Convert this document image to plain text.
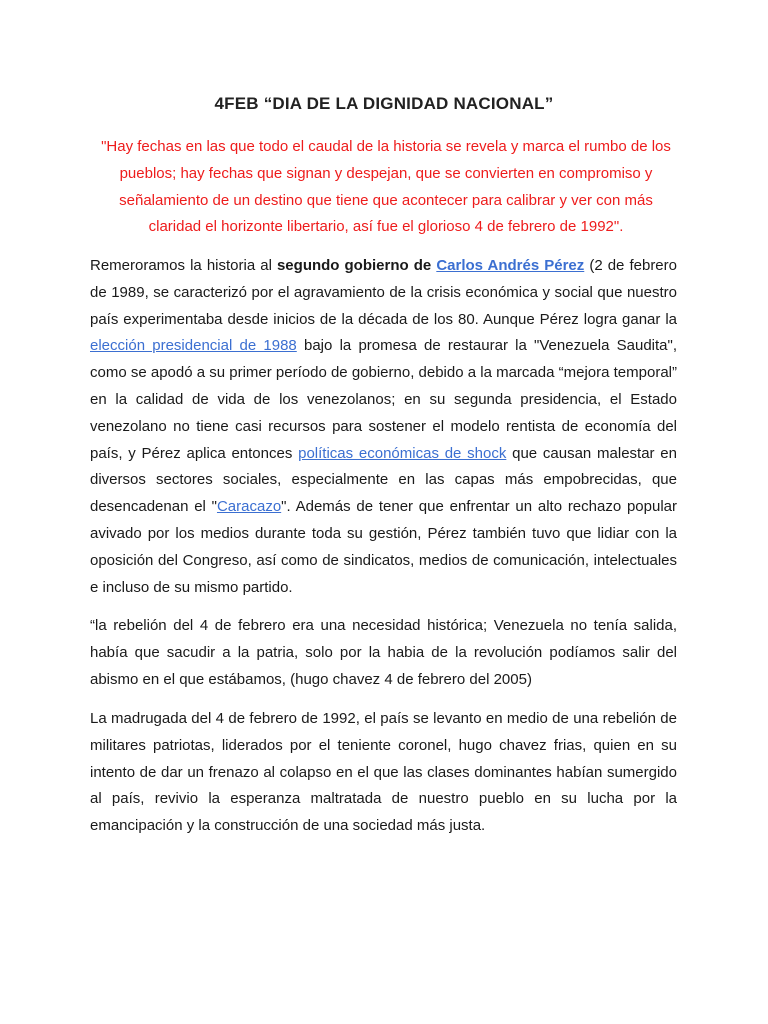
4FEB “DIA DE LA DIGNIDAD NACIONAL”
"Hay fechas en las que todo el caudal de la historia se revela y marca el rumbo de los pueblos; hay fechas que signan y despejan, que se convierten en compromiso y señalamiento de un destino que tiene que acontecer para calibrar y ver con más claridad el horizonte libertario, así fue el glorioso 4 de febrero de 1992".
Remeroramos la historia al segundo gobierno de Carlos Andrés Pérez (2 de febrero de 1989, se caracterizó por el agravamiento de la crisis económica y social que nuestro país experimentaba desde inicios de la década de los 80. Aunque Pérez logra ganar la elección presidencial de 1988 bajo la promesa de restaurar la "Venezuela Saudita", como se apodó a su primer período de gobierno, debido a la marcada “mejora temporal” en la calidad de vida de los venezolanos; en su segunda presidencia, el Estado venezolano no tiene casi recursos para sostener el modelo rentista de economía del país, y Pérez aplica entonces políticas económicas de shock que causan malestar en diversos sectores sociales, especialmente en las capas más empobrecidas, que desencadenan el "Caracazo". Además de tener que enfrentar un alto rechazo popular avivado por los medios durante toda su gestión, Pérez también tuvo que lidiar con la oposición del Congreso, así como de sindicatos, medios de comunicación, intelectuales e incluso de su mismo partido.
“la rebelión del 4 de febrero era una necesidad histórica; Venezuela no tenía salida, había que sacudir a la patria, solo por la habia de la revolución podíamos salir del abismo en el que estábamos, (hugo chavez 4 de febrero del 2005)
La madrugada del 4 de febrero de 1992, el país se levanto en medio de una rebelión de militares patriotas, liderados por el teniente coronel, hugo chavez frias, quien en su intento de dar un frenazo al colapso en el que las clases dominantes habían sumergido al país, revivio la esperanza maltratada de nuestro pueblo en su lucha por la emancipación y la construcción de una sociedad más justa.
